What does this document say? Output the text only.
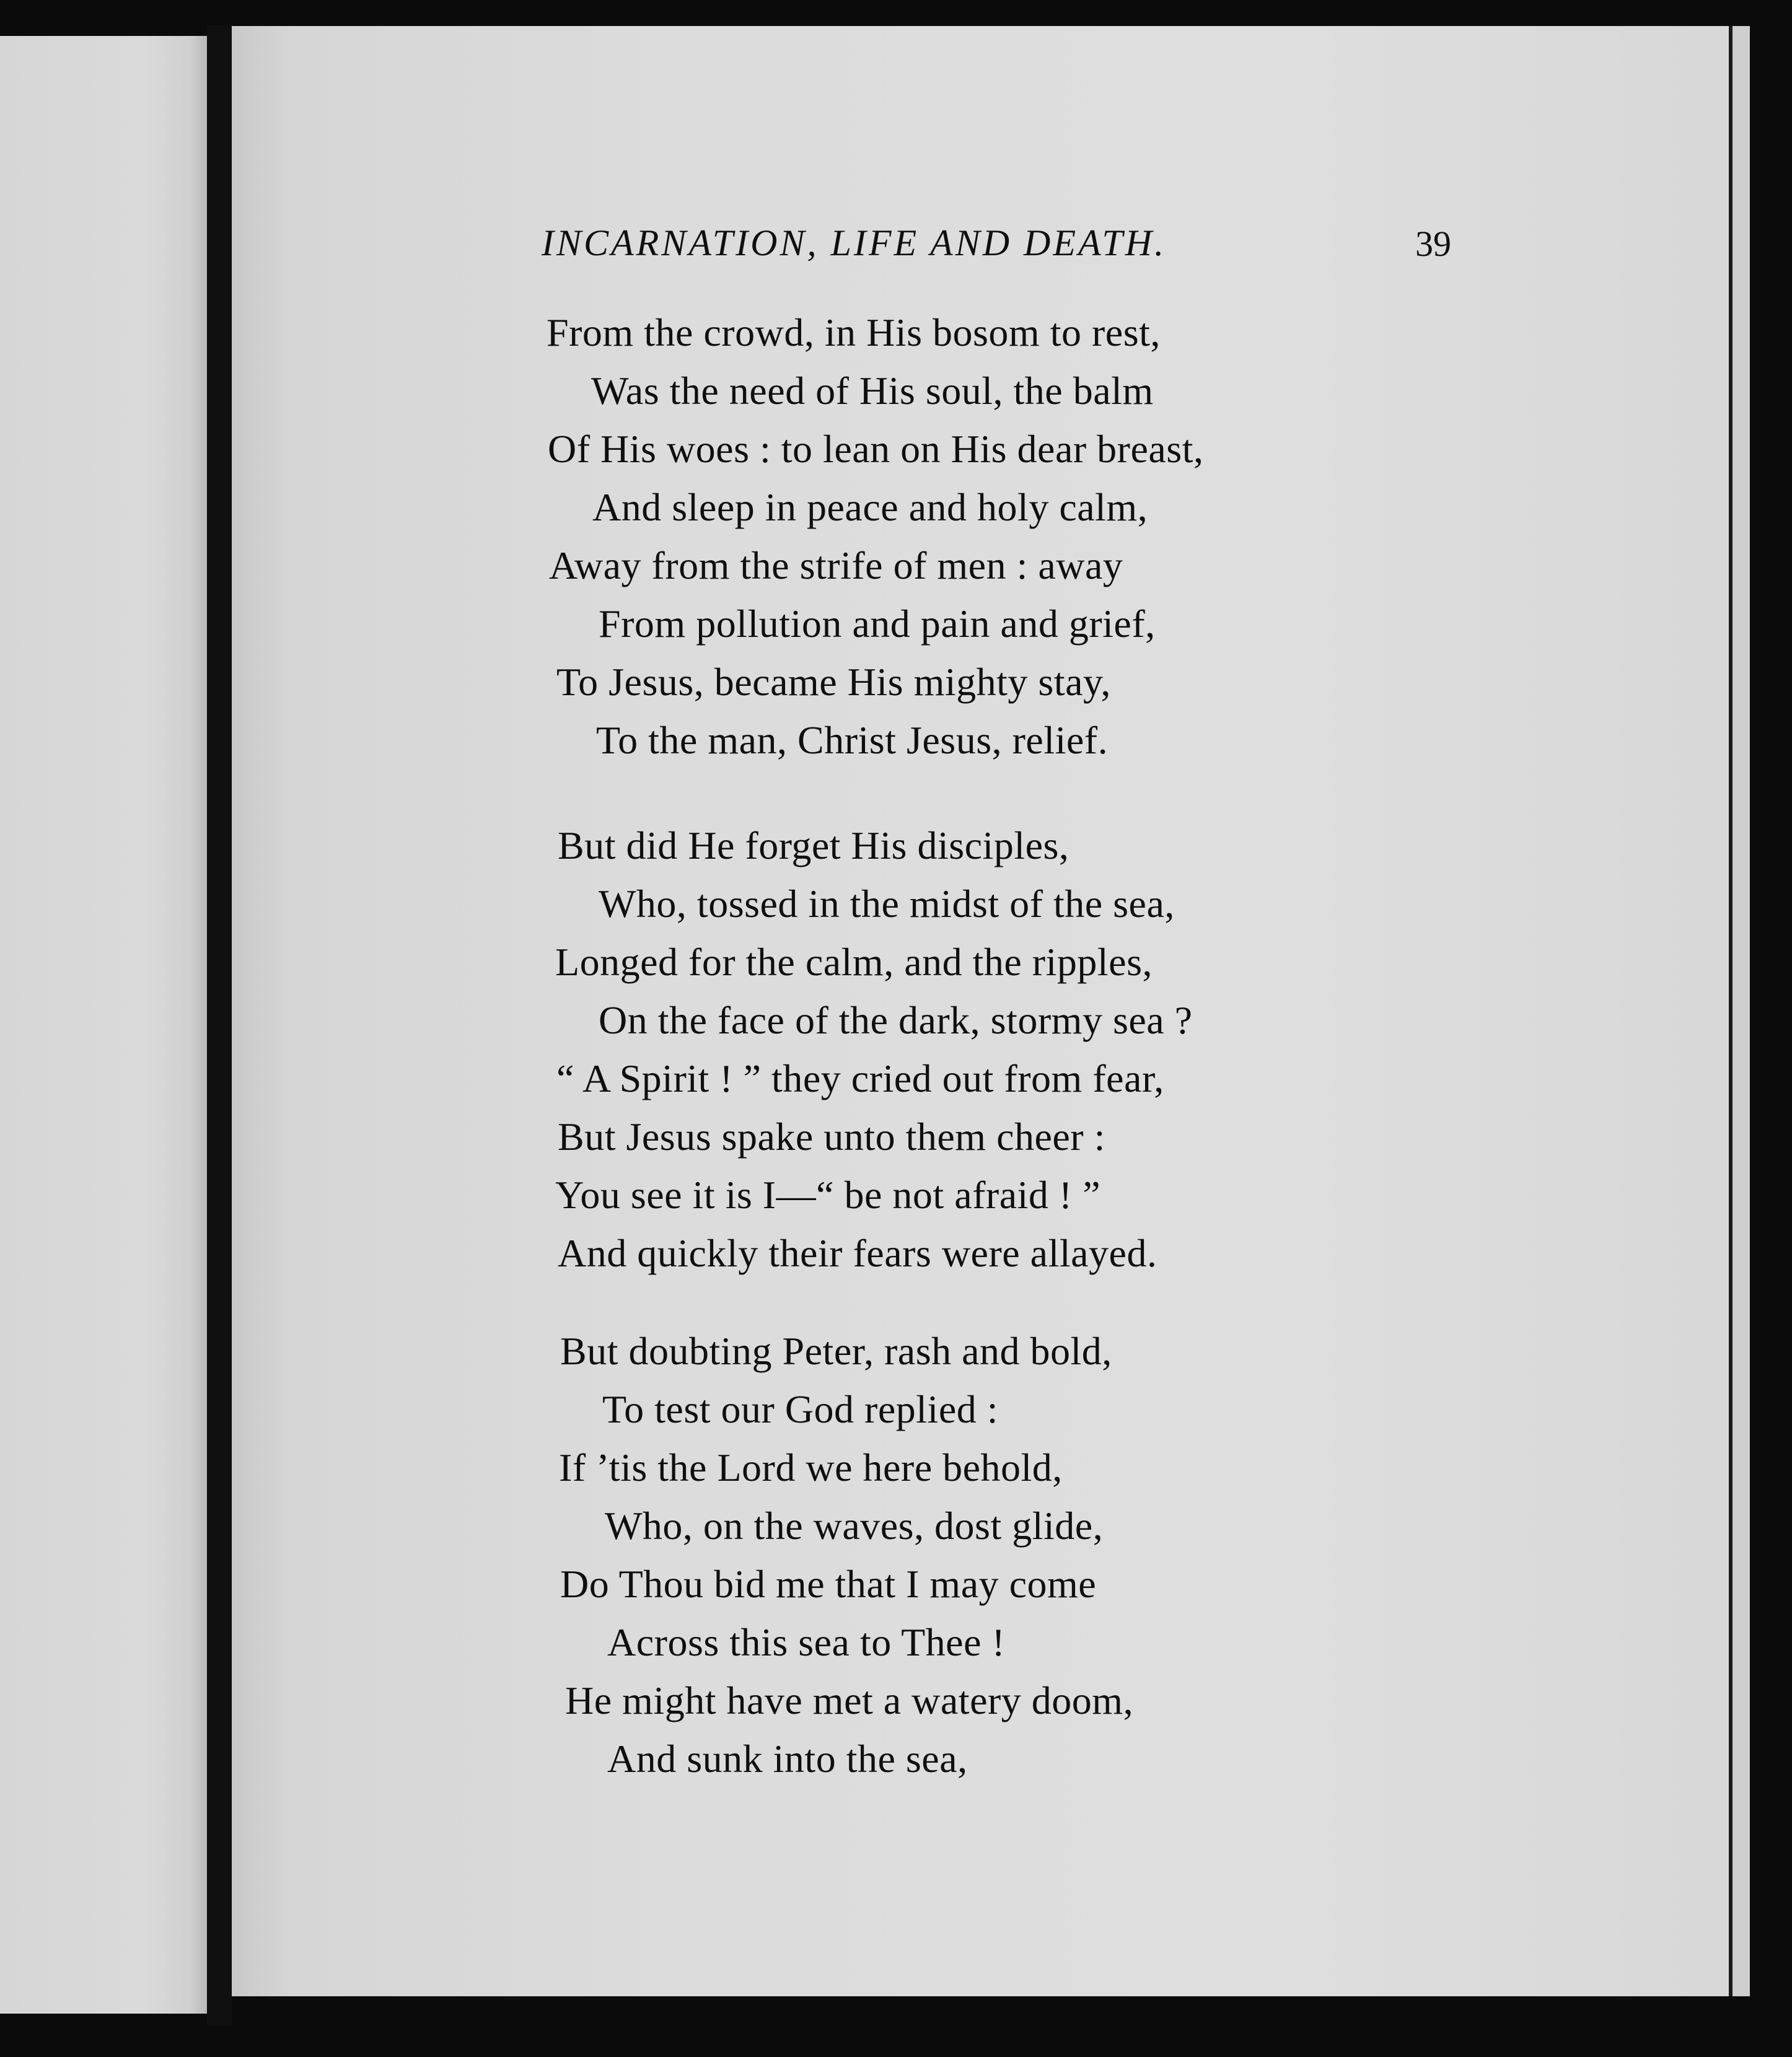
INCARNATION, LIFE AND DEATH.	39
From the crowd, in His bosom to rest,
Was the need of His soul, the balm
Of His woes : to lean on His dear breast,
And sleep in peace and holy calm,
Away from the strife of men : away
From pollution and pain and grief,
To Jesus, became His mighty stay,
To the man, Christ Jesus, relief.
But did He forget His disciples,
Who, tossed in the midst of the sea,
Longed for the calm, and the ripples,
On the face of the dark, stormy sea ?
“ A Spirit ! ” they cried out from fear,
But Jesus spake unto them cheer :
You see it is I—“ be not afraid ! ”
And quickly their fears were allayed.
But doubting Peter, rash and bold,
To test our God replied :
If ’tis the Lord we here behold,
Who, on the waves, dost glide,
Do Thou bid me that I may come
Across this sea to Thee !
He might have met a watery doom,
And sunk into the sea,
